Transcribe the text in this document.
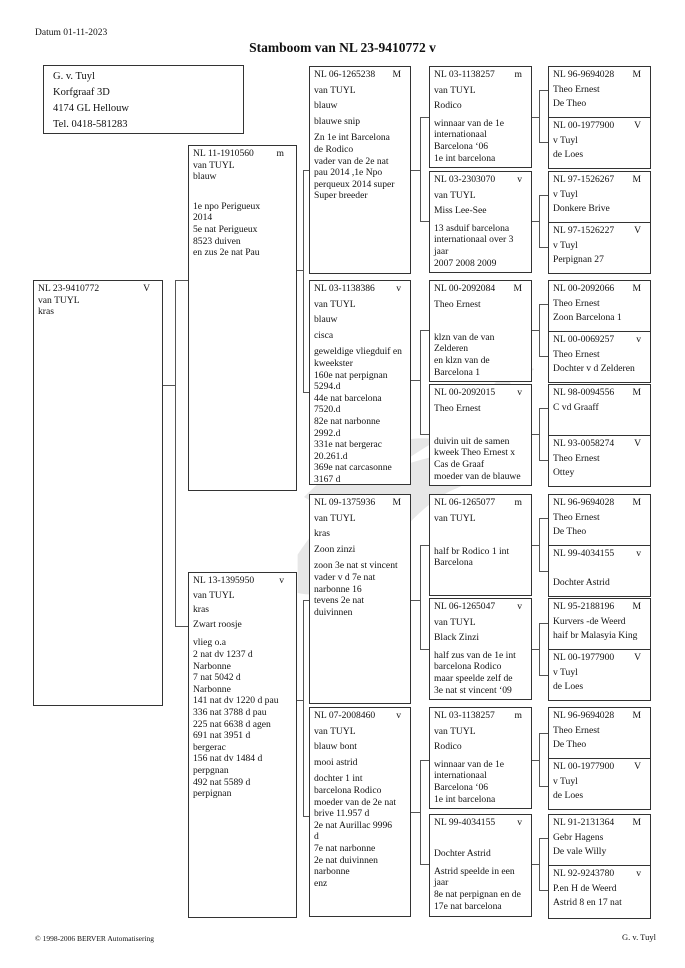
Datum 01-11-2023
Stamboom van NL 23-9410772 v
G. v. Tuyl
Korfgraaf 3D
4174 GL Hellouw
Tel. 0418-581283
NL 23-9410772	V

van TUYL

kras

NL 11-1910560 m

van TUYL

blauw

1e npo Perigueux

2014

5e nat Perigueux

8523 duiven

en zus 2e nat Pau

NL 13-1395950	v

van TUYL

kras

Zwart roosje

vlieg o.a

2 nat dv 1237 d

Narbonne

7 nat 5042 d

Narbonne

141 nat dv 1220 d pau

336 nat 3788 d pau

225 nat 6638 d agen

691 nat 3951 d

bergerac

156 nat dv 1484 d

perpgnan

492 nat 5589 d

perpignan

NL 06-1265238 M

van TUYL

blauw

blauwe snip

Zn 1e int Barcelona

de Rodico

vader van de 2e nat

pau 2014 ,1e Npo

perqueux 2014 super

Super breeder

NL 03-1138386 v

van TUYL

blauw

cisca

geweldige vliegduif en

kweekster

160e nat perpignan

5294.d

44e nat barcelona

7520.d

82e nat narbonne

2992.d

331e nat bergerac

20.261.d

369e nat carcasonne

3167 d

NL 09-1375936 M

van TUYL

kras

Zoon zinzi

zoon 3e nat st vincent

vader v d 7e nat

narbonne 16

tevens 2e nat

duivinnen

NL 07-2008460 v

van TUYL

blauw bont

mooi astrid

dochter 1 int

barcelona Rodico

moeder van de 2e nat

brive 11.957 d

2e nat Aurillac 9996

d

7e nat narbonne

2e nat duivinnen

narbonne

enz

NL 03-1138257 m

van TUYL

Rodico

winnaar van de 1e

internationaal

Barcelona ‘06

1e int barcelona

NL 03-2303070 v

van TUYL

Miss Lee-See

13 asduif barcelona

internationaal over 3

jaar

2007 2008 2009

NL 00-2092084 M

Theo Ernest

klzn van de van

Zelderen

en klzn van de

Barcelona 1

NL 00-2092015 v

Theo Ernest

duivin uit de samen

kweek Theo Ernest x

Cas de Graaf

moeder van de blauwe

NL 06-1265077 m

van TUYL

half br Rodico 1 int

Barcelona

NL 06-1265047 v

van TUYL

Black Zinzi

half zus van de 1e int

barcelona Rodico

maar speelde zelf de

3e nat st vincent ‘09

NL 03-1138257 m

van TUYL

Rodico

winnaar van de 1e

internationaal

Barcelona ‘06

1e int barcelona

NL 99-4034155 v

Dochter Astrid

Astrid speelde in een

jaar

8e nat perpignan en de

17e nat barcelona

NL 96-9694028 M

Theo Ernest

De Theo

NL 00-1977900 V

v Tuyl

de Loes

NL 97-1526267 M

v Tuyl

Donkere Brive

NL 97-1526227 V

v Tuyl

Perpignan 27

NL 00-2092066 M

Theo Ernest

Zoon Barcelona 1

NL 00-0069257 v

Theo Ernest

Dochter v d Zelderen

NL 98-0094556 M

C vd Graaff

NL 93-0058274 V

Theo Ernest

Ottey

NL 96-9694028 M

Theo Ernest

De Theo

NL 99-4034155 v

Dochter Astrid

NL 95-2188196 M

Kurvers -de Weerd

haif br Malasyia King

NL 00-1977900 V

v Tuyl

de Loes

NL 96-9694028 M

Theo Ernest

De Theo

NL 00-1977900 V

v Tuyl

de Loes

NL 91-2131364 M

Gebr Hagens

De vale Willy

NL 92-9243780 v

P.en H de Weerd

Astrid 8 en 17 nat

© 1998-2006 BERVER Automatisering	G. v. Tuyl
